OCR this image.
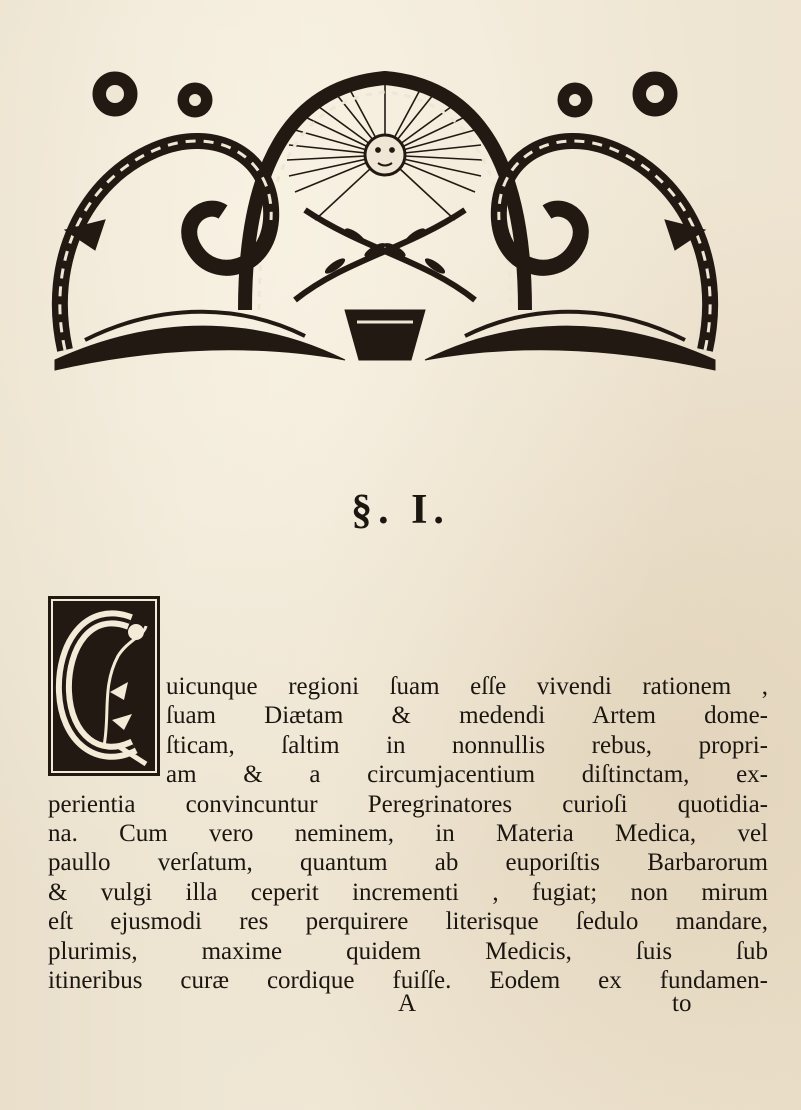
§. I.
uicunque regioni ſuam eſſe vivendi rationem ,
ſuam Diætam & medendi Artem dome-
ſticam, ſaltim in nonnullis rebus, propri-
am & a circumjacentium diſtinctam, ex-
perientia convincuntur Peregrinatores curioſi quotidia-
na. Cum vero neminem, in Materia Medica, vel
paullo verſatum, quantum ab euporiſtis Barbarorum
& vulgi illa ceperit incrementi , fugiat; non mirum
eſt ejusmodi res perquirere literisque ſedulo mandare,
plurimis, maxime quidem Medicis, ſuis ſub
itineribus curæ cordique fuiſſe. Eodem ex fundamen-
A	to
